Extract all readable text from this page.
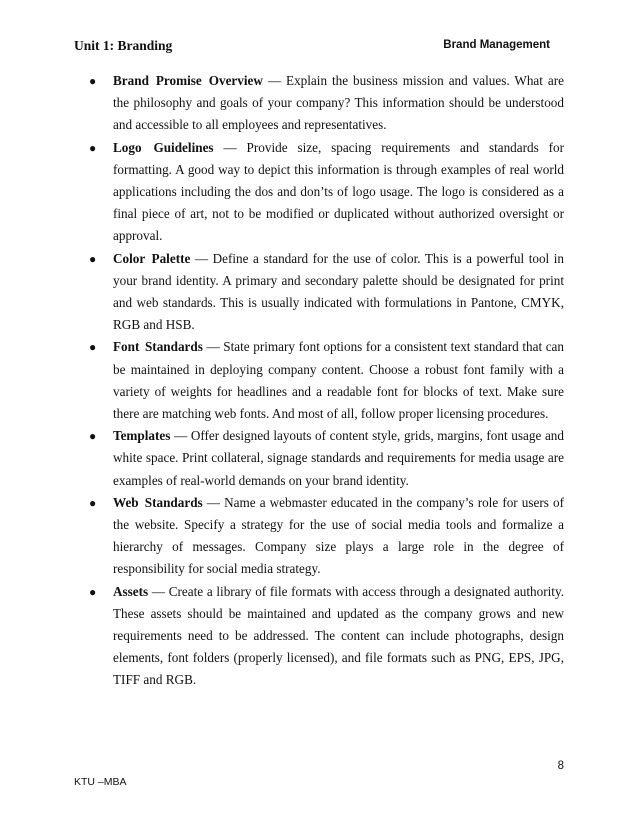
Unit 1: Branding	Brand Management
● Brand Promise Overview — Explain the business mission and values. What are the philosophy and goals of your company? This information should be understood and accessible to all employees and representatives.
● Logo Guidelines — Provide size, spacing requirements and standards for formatting. A good way to depict this information is through examples of real world applications including the dos and don’ts of logo usage. The logo is considered as a final piece of art, not to be modified or duplicated without authorized oversight or approval.
● Color Palette — Define a standard for the use of color. This is a powerful tool in your brand identity. A primary and secondary palette should be designated for print and web standards. This is usually indicated with formulations in Pantone, CMYK, RGB and HSB.
● Font Standards — State primary font options for a consistent text standard that can be maintained in deploying company content. Choose a robust font family with a variety of weights for headlines and a readable font for blocks of text. Make sure there are matching web fonts. And most of all, follow proper licensing procedures.
● Templates — Offer designed layouts of content style, grids, margins, font usage and white space. Print collateral, signage standards and requirements for media usage are examples of real-world demands on your brand identity.
● Web Standards — Name a webmaster educated in the company’s role for users of the website. Specify a strategy for the use of social media tools and formalize a hierarchy of messages. Company size plays a large role in the degree of responsibility for social media strategy.
● Assets — Create a library of file formats with access through a designated authority. These assets should be maintained and updated as the company grows and new requirements need to be addressed. The content can include photographs, design elements, font folders (properly licensed), and file formats such as PNG, EPS, JPG, TIFF and RGB.
8
KTU –MBA
